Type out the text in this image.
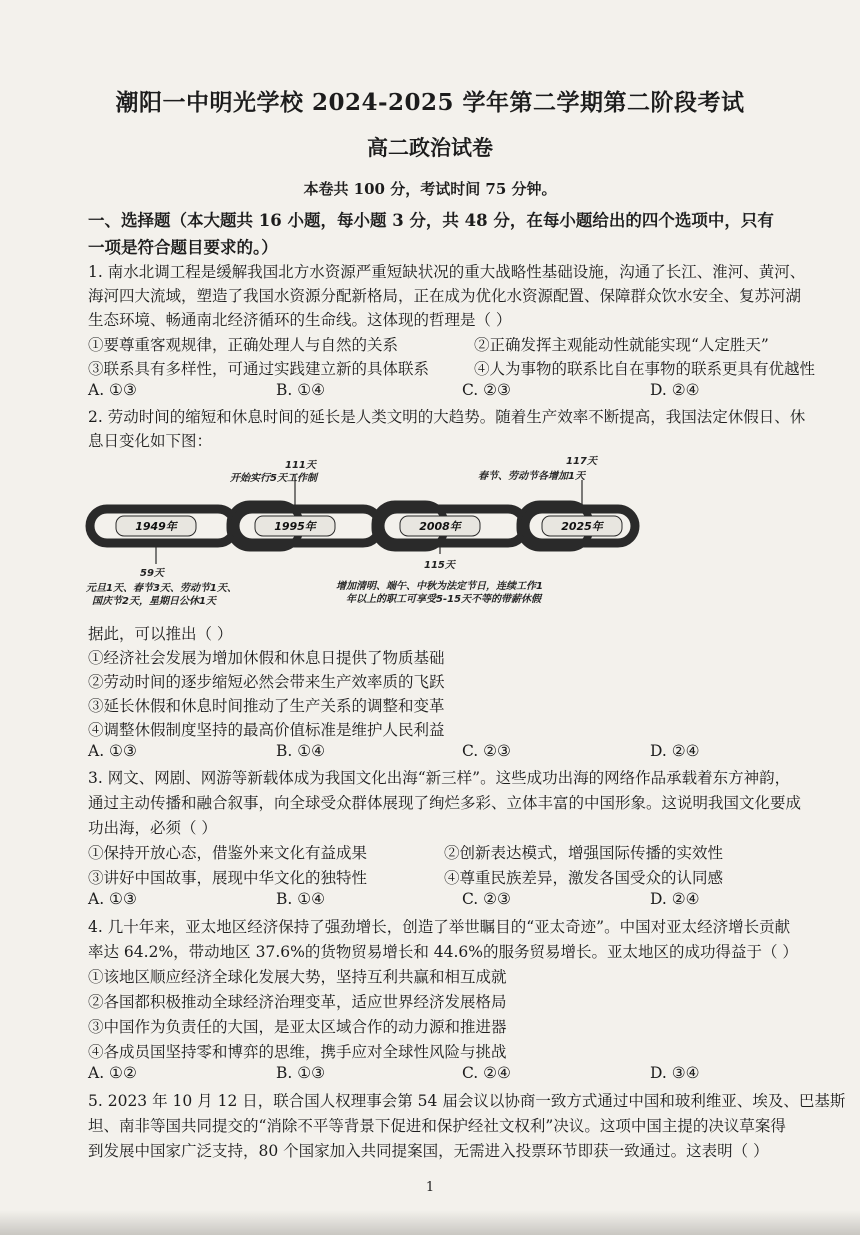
潮阳一中明光学校 2024-2025 学年第二学期第二阶段考试
高二政治试卷
本卷共 100 分，考试时间 75 分钟。
一、选择题（本大题共 16 小题，每小题 3 分，共 48 分，在每小题给出的四个选项中，只有
一项是符合题目要求的。）
1. 南水北调工程是缓解我国北方水资源严重短缺状况的重大战略性基础设施，沟通了长江、淮河、黄河、
海河四大流域，塑造了我国水资源分配新格局，正在成为优化水资源配置、保障群众饮水安全、复苏河湖
生态环境、畅通南北经济循环的生命线。这体现的哲理是（ ）
①要尊重客观规律，正确处理人与自然的关系	②正确发挥主观能动性就能实现“人定胜天”
③联系具有多样性，可通过实践建立新的具体联系	④人为事物的联系比自在事物的联系更具有优越性
A. ①③	B. ①④	C. ②③	D. ②④
2. 劳动时间的缩短和休息时间的延长是人类文明的大趋势。随着生产效率不断提高，我国法定休假日、休
息日变化如下图：
1949年	1995年	2008年	2025年
111天
开始实行5天工作制
117天
春节、劳动节各增加1天
59天
元旦1天、春节3天、劳动节1天、
国庆节2天，星期日公休1天
115天
增加清明、端午、中秋为法定节日，连续工作1
年以上的职工可享受5-15天不等的带薪休假
据此，可以推出（ ）
①经济社会发展为增加休假和休息日提供了物质基础
②劳动时间的逐步缩短必然会带来生产效率质的飞跃
③延长休假和休息时间推动了生产关系的调整和变革
④调整休假制度坚持的最高价值标准是维护人民利益
A. ①③	B. ①④	C. ②③	D. ②④
3. 网文、网剧、网游等新载体成为我国文化出海“新三样”。这些成功出海的网络作品承载着东方神韵，
通过主动传播和融合叙事，向全球受众群体展现了绚烂多彩、立体丰富的中国形象。这说明我国文化要成
功出海，必须（ ）
①保持开放心态，借鉴外来文化有益成果	②创新表达模式，增强国际传播的实效性
③讲好中国故事，展现中华文化的独特性	④尊重民族差异，激发各国受众的认同感
A. ①③	B. ①④	C. ②③	D. ②④
4. 几十年来，亚太地区经济保持了强劲增长，创造了举世瞩目的“亚太奇迹”。中国对亚太经济增长贡献
率达 64.2%，带动地区 37.6%的货物贸易增长和 44.6%的服务贸易增长。亚太地区的成功得益于（ ）
①该地区顺应经济全球化发展大势，坚持互利共赢和相互成就
②各国都积极推动全球经济治理变革，适应世界经济发展格局
③中国作为负责任的大国，是亚太区域合作的动力源和推进器
④各成员国坚持零和博弈的思维，携手应对全球性风险与挑战
A. ①②	B. ①③	C. ②④	D. ③④
5. 2023 年 10 月 12 日，联合国人权理事会第 54 届会议以协商一致方式通过中国和玻利维亚、埃及、巴基斯
坦、南非等国共同提交的“消除不平等背景下促进和保护经社文权利”决议。这项中国主提的决议草案得
到发展中国家广泛支持，80 个国家加入共同提案国，无需进入投票环节即获一致通过。这表明（ ）
1
